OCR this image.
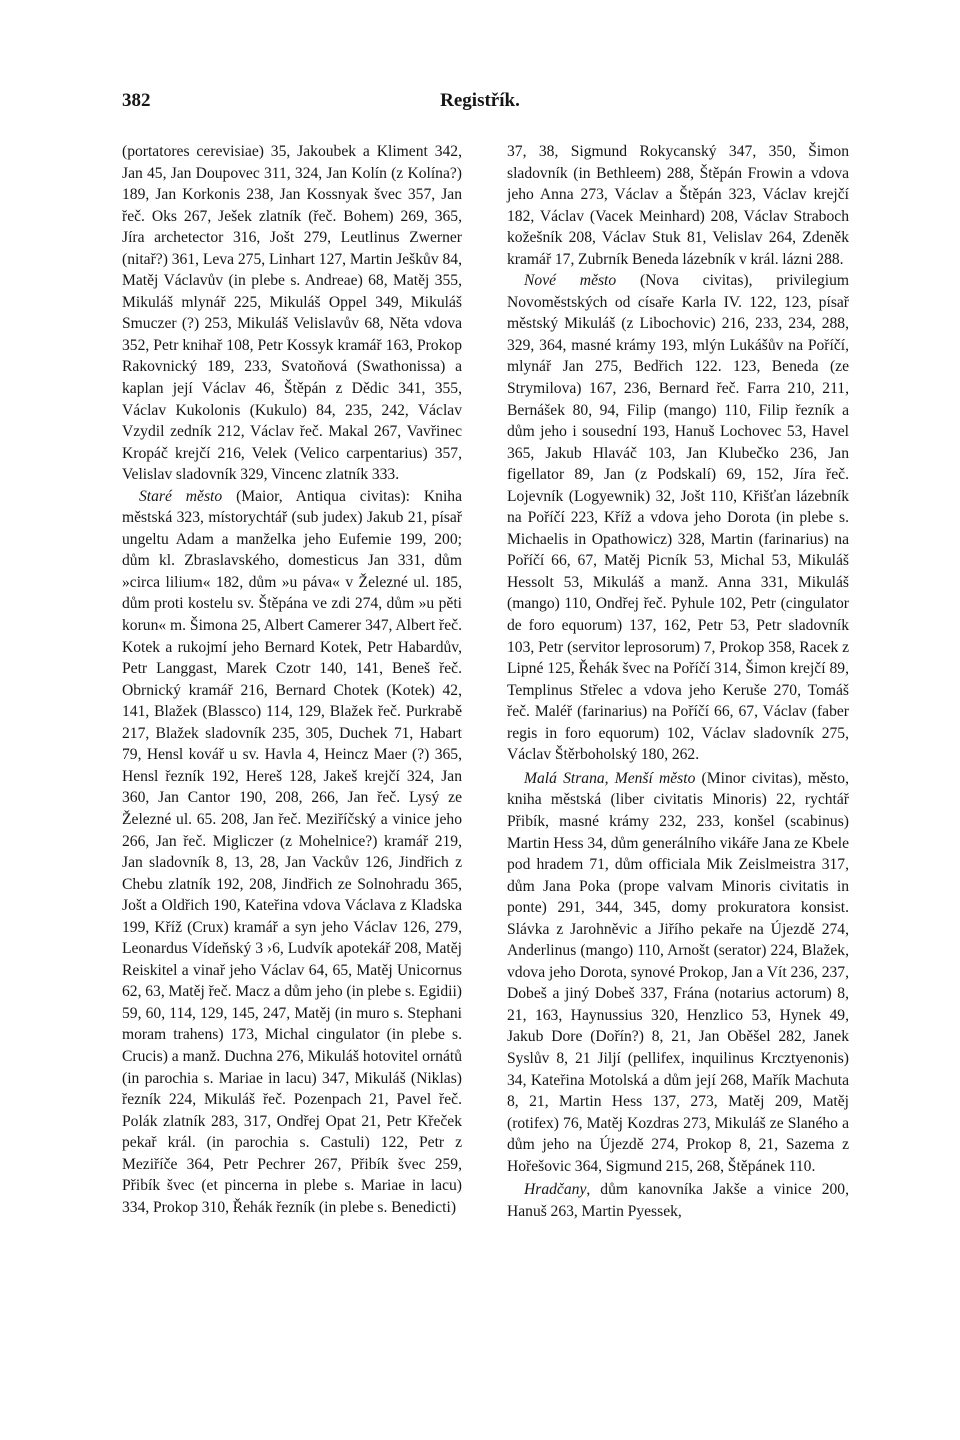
382	Registřík.

(portatores cerevisiae) 35, Jakoubek a Kliment 342, Jan 45, Jan Doupovec 311, 324, Jan Kolín (z Kolína?) 189, Jan Korkonis 238, Jan Kossnyak švec 357, Jan řeč. Oks 267, Ješek zlatník (řeč. Bohem) 269, 365, Jíra archetector 316, Jošt 279, Leutlinus Zwerner (nitař?) 361, Leva 275, Linhart 127, Martin Ješkův 84, Matěj Václavův (in plebe s. Andreae) 68, Matěj 355, Mikuláš mlynář 225, Mikuláš Oppel 349, Mikuláš Smuczer (?) 253, Mikuláš Velislavův 68, Něta vdova 352, Petr knihař 108, Petr Kossyk kramář 163, Prokop Rakovnický 189, 233, Svatoňová (Swathonissa) a kaplan její Václav 46, Štěpán z Dědic 341, 355, Václav Kukolonis (Kukulo) 84, 235, 242, Václav Vzydil zedník 212, Václav řeč. Makal 267, Vavřinec Kropáč krejčí 216, Velek (Velico carpentarius) 357, Velislav sladovník 329, Vincenc zlatník 333.

Staré město (Maior, Antiqua civitas): Kniha městská 323, místorychtář (sub judex) Jakub 21, písař ungeltu Adam a manželka jeho Eufemie 199, 200; dům kl. Zbraslavského, domesticus Jan 331, dům »circa lilium« 182, dům »u páva« v Železné ul. 185, dům proti kostelu sv. Štěpána ve zdi 274, dům »u pěti korun« m. Šimona 25, Albert Camerer 347, Albert řeč. Kotek a rukojmí jeho Bernard Kotek, Petr Habardův, Petr Langgast, Marek Czotr 140, 141, Beneš řeč. Obrnický kramář 216, Bernard Chotek (Kotek) 42, 141, Blažek (Blassco) 114, 129, Blažek řeč. Purkrabě 217, Blažek sladovník 235, 305, Duchek 71, Habart 79, Hensl kovář u sv. Havla 4, Heincz Maer (?) 365, Hensl řezník 192, Hereš 128, Jakeš krejčí 324, Jan 360, Jan Cantor 190, 208, 266, Jan řeč. Lysý ze Železné ul. 65. 208, Jan řeč. Meziříčský a vinice jeho 266, Jan řeč. Migliczer (z Mohelnice?) kramář 219, Jan sladovník 8, 13, 28, Jan Vackův 126, Jindřich z Chebu zlatník 192, 208, Jindřich ze Solnohradu 365, Jošt a Oldřich 190, Kateřina vdova Václava z Kladska 199, Kříž (Crux) kramář a syn jeho Václav 126, 279, Leonardus Vídeňský 3 ›6, Ludvík apotekář 208, Matěj Reiskitel a vinař jeho Václav 64, 65, Matěj Unicornus 62, 63, Matěj řeč. Macz a dům jeho (in plebe s. Egidii) 59, 60, 114, 129, 145, 247, Matěj (in muro s. Stephani moram trahens) 173, Michal cingulator (in plebe s. Crucis) a manž. Duchna 276, Mikuláš hotovitel ornátů (in parochia s. Mariae in lacu) 347, Mikuláš (Niklas) řezník 224, Mikuláš řeč. Pozenpach 21, Pavel řeč. Polák zlatník 283, 317, Ondřej Opat 21, Petr Křeček pekař král. (in parochia s. Castuli) 122, Petr z Meziříče 364, Petr Pechrer 267, Přibík švec 259, Přibík švec (et pincerna in plebe s. Mariae in lacu) 334, Prokop 310, Řehák řezník (in plebe s. Benedicti)

37, 38, Sigmund Rokycanský 347, 350, Šimon sladovník (in Bethleem) 288, Štěpán Frowin a vdova jeho Anna 273, Václav a Štěpán 323, Václav krejčí 182, Václav (Vacek Meinhard) 208, Václav Straboch kožešník 208, Václav Stuk 81, Velislav 264, Zdeněk kramář 17, Zubrník Beneda lázebník v král. lázni 288.

Nové město (Nova civitas), privilegium Novoměstských od císaře Karla IV. 122, 123, písař městský Mikuláš (z Libochovic) 216, 233, 234, 288, 329, 364, masné krámy 193, mlýn Lukášův na Poříčí, mlynář Jan 275, Bedřich 122. 123, Beneda (ze Strymilova) 167, 236, Bernard řeč. Farra 210, 211, Bernášek 80, 94, Filip (mango) 110, Filip řezník a dům jeho i sousední 193, Hanuš Lochovec 53, Havel 365, Jakub Hlaváč 103, Jan Klubečko 236, Jan figellator 89, Jan (z Podskalí) 69, 152, Jíra řeč. Lojevník (Logyewnik) 32, Jošt 110, Křišťan lázebník na Poříčí 223, Kříž a vdova jeho Dorota (in plebe s. Michaelis in Opathowicz) 328, Martin (farinarius) na Poříčí 66, 67, Matěj Picník 53, Michal 53, Mikuláš Hessolt 53, Mikuláš a manž. Anna 331, Mikuláš (mango) 110, Ondřej řeč. Pyhule 102, Petr (cingulator de foro equorum) 137, 162, Petr 53, Petr sladovník 103, Petr (servitor leprosorum) 7, Prokop 358, Racek z Lipné 125, Řehák švec na Poříčí 314, Šimon krejčí 89, Templinus Střelec a vdova jeho Keruše 270, Tomáš řeč. Maléř (farinarius) na Poříčí 66, 67, Václav (faber regis in foro equorum) 102, Václav sladovník 275, Václav Štěrboholský 180, 262.

Malá Strana, Menší město (Minor civitas), město, kniha městská (liber civitatis Minoris) 22, rychtář Přibík, masné krámy 232, 233, konšel (scabinus) Martin Hess 34, dům generálního vikáře Jana ze Kbele pod hradem 71, dům officiala Mik Zeislmeistra 317, dům Jana Poka (prope valvam Minoris civitatis in ponte) 291, 344, 345, domy prokuratora konsist. Slávka z Jarohněvic a Jiřího pekaře na Újezdě 274, Anderlinus (mango) 110, Arnošt (serator) 224, Blažek, vdova jeho Dorota, synové Prokop, Jan a Vít 236, 237, Dobeš a jiný Dobeš 337, Frána (notarius actorum) 8, 21, 163, Haynussius 320, Henzlico 53, Hynek 49, Jakub Dore (Dořín?) 8, 21, Jan Oběšel 282, Janek Syslův 8, 21 Jiljí (pellifex, inquilinus Krcztyenonis) 34, Kateřina Motolská a dům její 268, Mařík Machuta 8, 21, Martin Hess 137, 273, Matěj 209, Matěj (rotifex) 76, Matěj Kozdras 273, Mikuláš ze Slaného a dům jeho na Újezdě 274, Prokop 8, 21, Sazema z Hořešovic 364, Sigmund 215, 268, Štěpánek 110.

Hradčany, dům kanovníka Jakše a vinice 200, Hanuš 263, Martin Pyessek,
